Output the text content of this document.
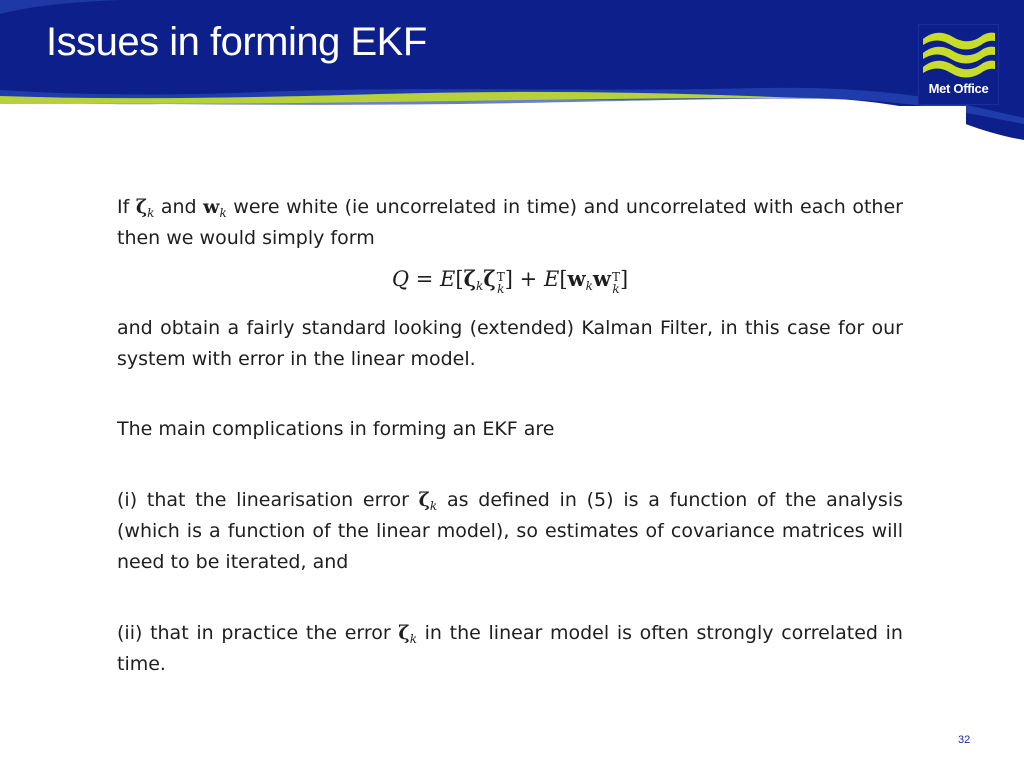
Issues in forming EKF
Met Office
If $\zeta_k$ and $w_k$ were white (ie uncorrelated in time) and uncorrelated with each other then we would simply form
$Q = E[\zeta_k\zeta$ T
k ] + $E[w_kw$ T
k ]
and obtain a fairly standard looking (extended) Kalman Filter, in this case for our system with error in the linear model.
The main complications in forming an EKF are
(i) that the linearisation error $\zeta_k$ as defined in (5) is a function of the analysis (which is a function of the linear model), so estimates of covariance matrices will need to be iterated, and
(ii) that in practice the error $\zeta_k$ in the linear model is often strongly correlated in time.
32
